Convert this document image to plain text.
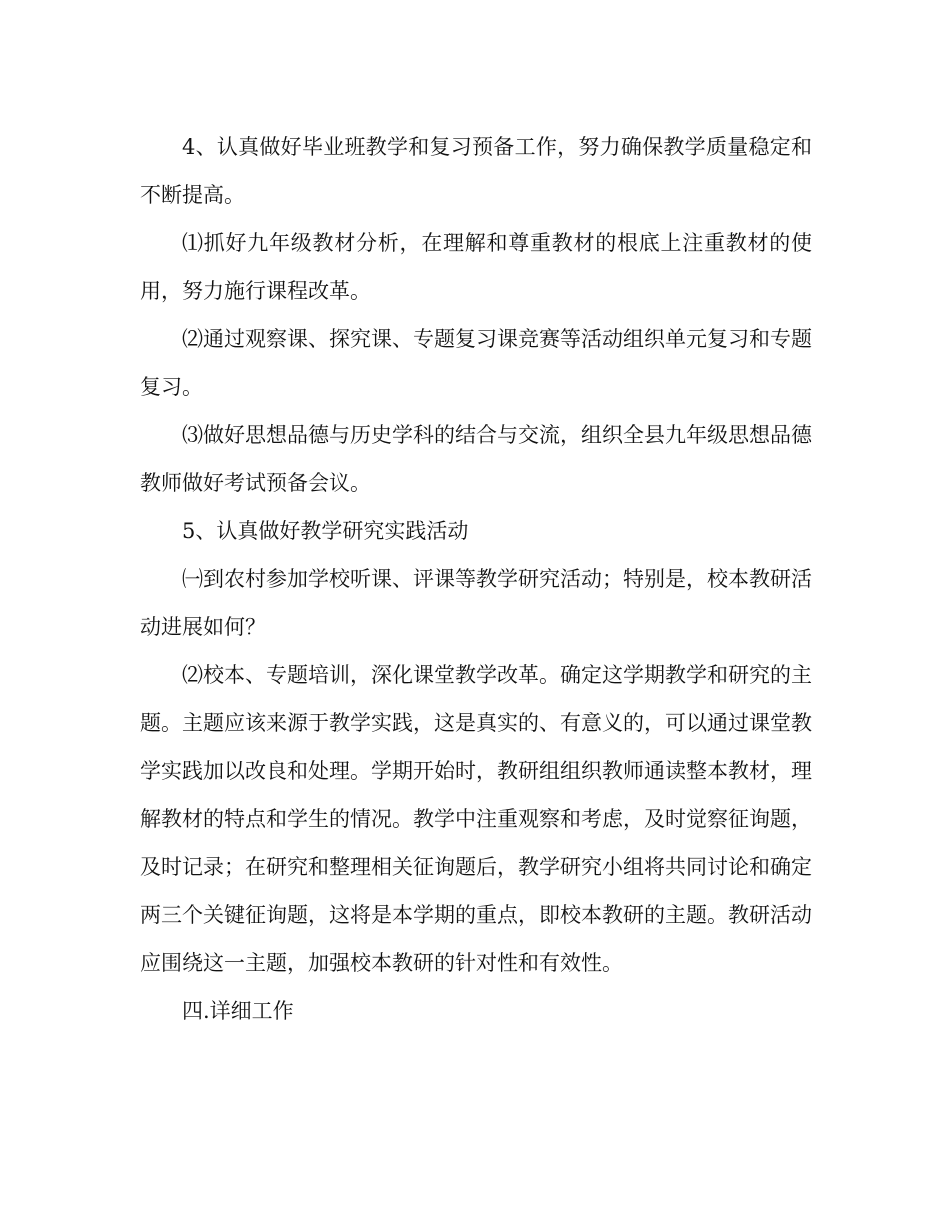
4、认真做好毕业班教学和复习预备工作，努力确保教学质量稳定和不断提高。

⑴抓好九年级教材分析，在理解和尊重教材的根底上注重教材的使用，努力施行课程改革。

⑵通过观察课、探究课、专题复习课竞赛等活动组织单元复习和专题复习。

⑶做好思想品德与历史学科的结合与交流，组织全县九年级思想品德教师做好考试预备会议。

5、认真做好教学研究实践活动

㈠到农村参加学校听课、评课等教学研究活动；特别是，校本教研活动进展如何？

⑵校本、专题培训，深化课堂教学改革。确定这学期教学和研究的主题。主题应该来源于教学实践，这是真实的、有意义的，可以通过课堂教学实践加以改良和处理。学期开始时，教研组组织教师通读整本教材，理解教材的特点和学生的情况。教学中注重观察和考虑，及时觉察征询题，及时记录；在研究和整理相关征询题后，教学研究小组将共同讨论和确定两三个关键征询题，这将是本学期的重点，即校本教研的主题。教研活动应围绕这一主题，加强校本教研的针对性和有效性。

四.详细工作
